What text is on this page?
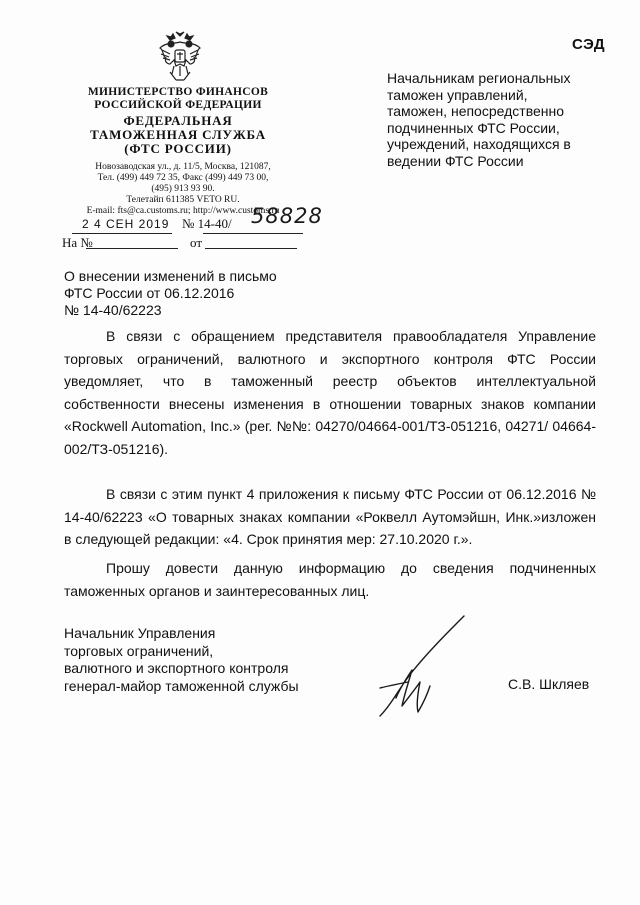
СЭД
МИНИСТЕРСТВО ФИНАНСОВ
РОССИЙСКОЙ ФЕДЕРАЦИИ
ФЕДЕРАЛЬНАЯ
ТАМОЖЕННАЯ СЛУЖБА
(ФТС РОССИИ)
Новозаводская ул., д. 11/5, Москва, 121087,
Тел. (499) 449 72 35, Факс (499) 449 73 00,
(495) 913 93 90.
Телетайп 611385 VETO RU.
E-mail: fts@ca.customs.ru; http://www.customs.ru
2 4 СЕН 2019 № 14-40/ 58828
На №	от
Начальникам региональных
таможен управлений,
таможен, непосредственно
подчиненных ФТС России,
учреждений, находящихся в
ведении ФТС России
О внесении изменений в письмо
ФТС России от 06.12.2016
№ 14-40/62223
В связи с обращением представителя правообладателя Управление торговых ограничений, валютного и экспортного контроля ФТС России уведомляет, что в таможенный реестр объектов интеллектуальной собственности внесены изменения в отношении товарных знаков компании «Rockwell Automation, Inc.» (рег. №№: 04270/04664-001/ТЗ-051216, 04271/ 04664-002/ТЗ-051216).
В связи с этим пункт 4 приложения к письму ФТС России от 06.12.2016 № 14-40/62223 «О товарных знаках компании «Роквелл Аутомэйшн, Инк.»изложен в следующей редакции: «4. Срок принятия мер: 27.10.2020 г.».
Прошу довести данную информацию до сведения подчиненных таможенных органов и заинтересованных лиц.
Начальник Управления
торговых ограничений,
валютного и экспортного контроля
генерал-майор таможенной службы	С.В. Шкляев
